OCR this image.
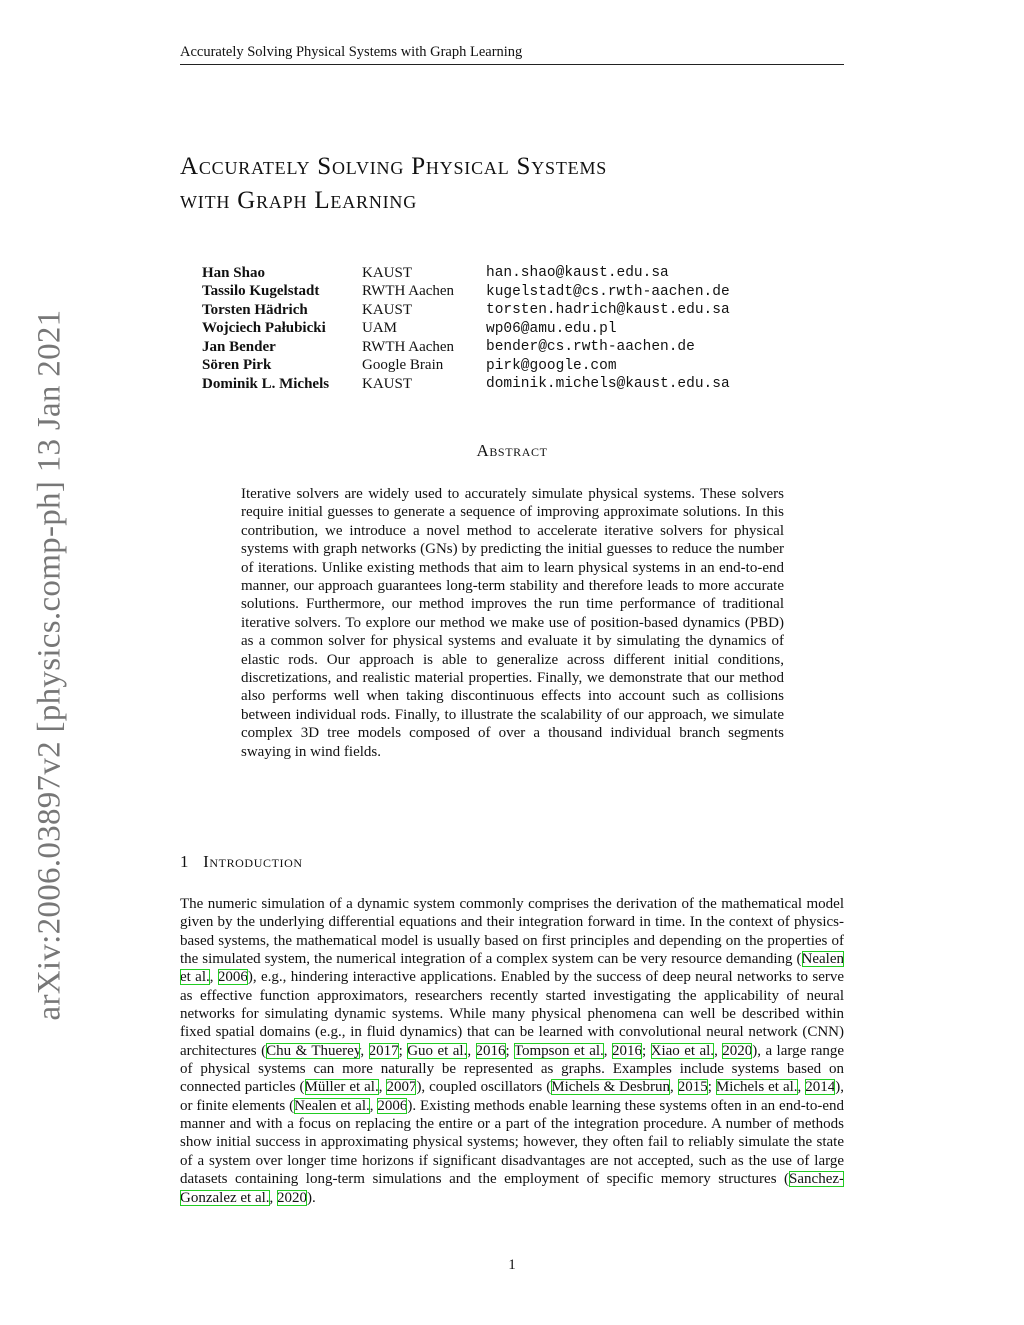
Accurately Solving Physical Systems with Graph Learning
arXiv:2006.03897v2 [physics.comp-ph] 13 Jan 2021
Accurately Solving Physical Systems
with Graph Learning
Han Shao	KAUST	han.shao@kaust.edu.sa
Tassilo Kugelstadt	RWTH Aachen	kugelstadt@cs.rwth-aachen.de
Torsten Hädrich	KAUST	torsten.hadrich@kaust.edu.sa
Wojciech Pałubicki	UAM	wp06@amu.edu.pl
Jan Bender	RWTH Aachen	bender@cs.rwth-aachen.de
Sören Pirk	Google Brain	pirk@google.com
Dominik L. Michels	KAUST	dominik.michels@kaust.edu.sa
Abstract

Iterative solvers are widely used to accurately simulate physical systems. These solvers require initial guesses to generate a sequence of improving approximate solutions. In this contribution, we introduce a novel method to accelerate iterative solvers for physical systems with graph networks (GNs) by predicting the initial guesses to reduce the number of iterations. Unlike existing methods that aim to learn physical systems in an end-to-end manner, our approach guarantees long-term stability and therefore leads to more accurate solutions. Furthermore, our method improves the run time performance of traditional iterative solvers. To explore our method we make use of position-based dynamics (PBD) as a common solver for physical systems and evaluate it by simulating the dynamics of elastic rods. Our approach is able to generalize across different initial conditions, discretizations, and realistic material properties. Finally, we demonstrate that our method also performs well when taking discontinuous effects into account such as collisions between individual rods. Finally, to illustrate the scalability of our approach, we simulate complex 3D tree models composed of over a thousand individual branch segments swaying in wind fields.

1 Introduction

The numeric simulation of a dynamic system commonly comprises the derivation of the mathematical model given by the underlying differential equations and their integration forward in time. In the context of physics-based systems, the mathematical model is usually based on first principles and depending on the properties of the simulated system, the numerical integration of a complex system can be very resource demanding (Nealen et al., 2006), e.g., hindering interactive applications. Enabled by the success of deep neural networks to serve as effective function approximators, researchers recently started investigating the applicability of neural networks for simulating dynamic systems. While many physical phenomena can well be described within fixed spatial domains (e.g., in fluid dynamics) that can be learned with convolutional neural network (CNN) architectures (Chu & Thuerey, 2017; Guo et al., 2016; Tompson et al., 2016; Xiao et al., 2020), a large range of physical systems can more naturally be represented as graphs. Examples include systems based on connected particles (Müller et al., 2007), coupled oscillators (Michels & Desbrun, 2015; Michels et al., 2014), or finite elements (Nealen et al., 2006). Existing methods enable learning these systems often in an end-to-end manner and with a focus on replacing the entire or a part of the integration procedure. A number of methods show initial success in approximating physical systems; however, they often fail to reliably simulate the state of a system over longer time horizons if significant disadvantages are not accepted, such as the use of large datasets containing long-term simulations and the employment of specific memory structures (Sanchez-Gonzalez et al., 2020).

1
